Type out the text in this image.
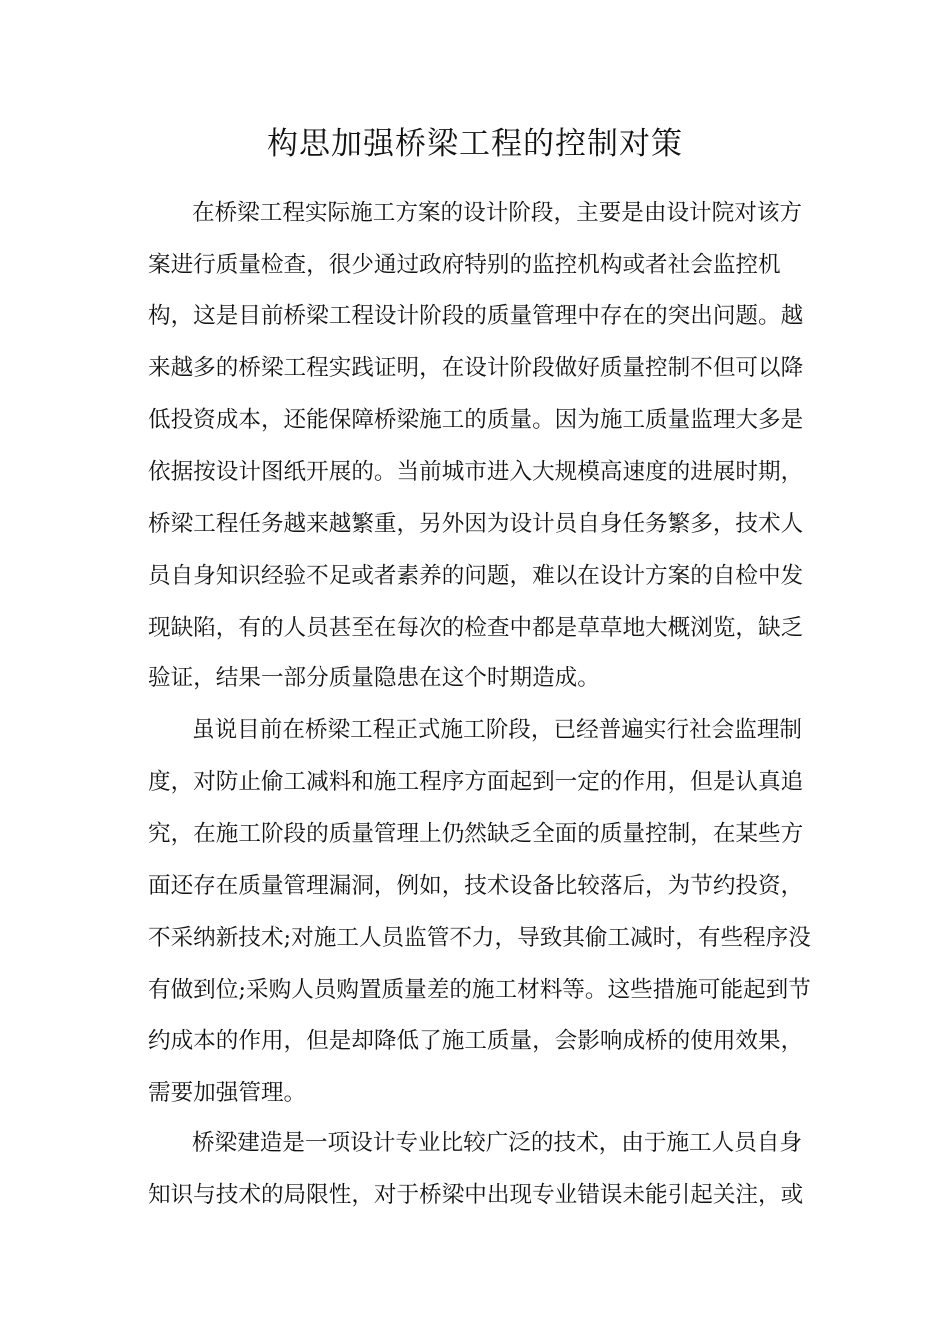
构思加强桥梁工程的控制对策

在桥梁工程实际施工方案的设计阶段，主要是由设计院对该方

案进行质量检查，很少通过政府特别的监控机构或者社会监控机

构，这是目前桥梁工程设计阶段的质量管理中存在的突出问题。越

来越多的桥梁工程实践证明，在设计阶段做好质量控制不但可以降

低投资成本，还能保障桥梁施工的质量。因为施工质量监理大多是

依据按设计图纸开展的。当前城市进入大规模高速度的进展时期，

桥梁工程任务越来越繁重，另外因为设计员自身任务繁多，技术人

员自身知识经验不足或者素养的问题，难以在设计方案的自检中发

现缺陷，有的人员甚至在每次的检查中都是草草地大概浏览，缺乏

验证，结果一部分质量隐患在这个时期造成。

虽说目前在桥梁工程正式施工阶段，已经普遍实行社会监理制

度，对防止偷工减料和施工程序方面起到一定的作用，但是认真追

究，在施工阶段的质量管理上仍然缺乏全面的质量控制，在某些方

面还存在质量管理漏洞，例如，技术设备比较落后，为节约投资，

不采纳新技术;对施工人员监管不力，导致其偷工减时，有些程序没

有做到位;采购人员购置质量差的施工材料等。这些措施可能起到节

约成本的作用，但是却降低了施工质量，会影响成桥的使用效果，

需要加强管理。

桥梁建造是一项设计专业比较广泛的技术，由于施工人员自身

知识与技术的局限性，对于桥梁中出现专业错误未能引起关注，或
